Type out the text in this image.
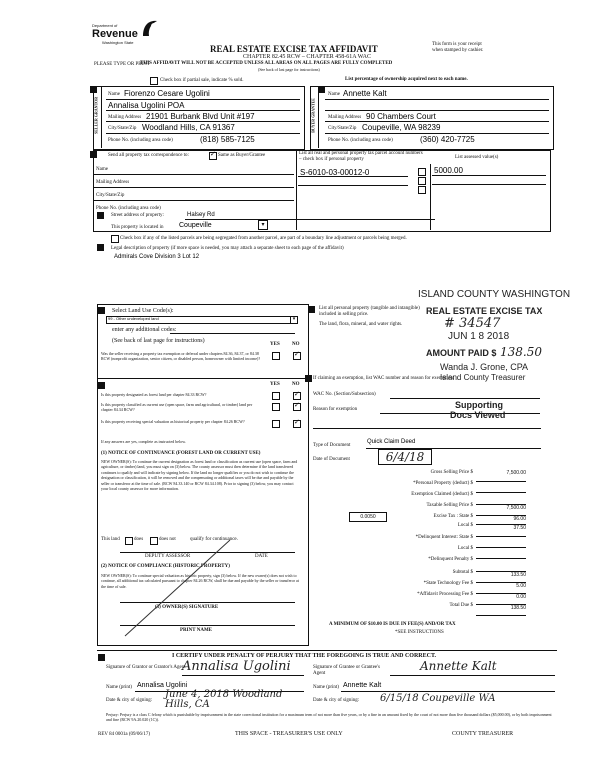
Department of
Revenue
Washington State
PLEASE TYPE OR PRINT
REAL ESTATE EXCISE TAX AFFIDAVIT
CHAPTER 82.45 RCW – CHAPTER 458-61A WAC
THIS AFFIDAVIT WILL NOT BE ACCEPTED UNLESS ALL AREAS ON ALL PAGES ARE FULLY COMPLETED
(See back of last page for instructions)
This form is your receipt
when stamped by cashier.
Check box if partial sale, indicate % sold.	List percentage of ownership acquired next to each name.
SELLER GRANTOR
Name Fiorenzo Cesare Ugolini
Annalisa Ugolini POA
Mailing Address 21901 Burbank Blvd Unit #197
City/State/Zip Woodland Hills, CA 91367
Phone No. (including area code)	(818) 585-7125
BUYER GRANTEE
Name Annette Kalt
Mailing Address 90 Chambers Court
City/State/Zip Coupeville, WA 98239
Phone No. (including area code)	(360) 420-7725
Send all property tax correspondence to:
✓	Same as Buyer/Grantee
Name
Mailing Address
City/State/Zip
Phone No. (including area code)
List all real and personal property tax parcel account numbers – check box if personal property	List assessed value(s)
S-6010-03-00012-0	5000.00
Street address of property:	Halsey Rd
This property is located in Coupeville	▾
Check box if any of the listed parcels are being segregated from another parcel, are part of a boundary line adjustment or parcels being merged.
Legal description of property (if more space is needed, you may attach a separate sheet to each page of the affidavit)
Admirals Cove Division 3 Lot 12
ISLAND COUNTY WASHINGTON
Select Land Use Code(s):
99 - Other undeveloped land	▾
enter any additional codes:
(See back of last page for instructions)
YES NO
Was the seller receiving a property tax exemption or deferral under chapters 84.36, 84.37, or 84.38 RCW (nonprofit organization, senior citizen, or disabled person, homeowner with limited income)?
✓
YES NO
Is this property designated as forest land per chapter 84.33 RCW?
✓
Is this property classified as current use (open space, farm and agricultural, or timber) land per chapter 84.34 RCW?
✓
Is this property receiving special valuation as historical property per chapter 84.26 RCW?
✓
If any answers are yes, complete as instructed below.
(1) NOTICE OF CONTINUANCE (FOREST LAND OR CURRENT USE)
NEW OWNER(S): To continue the current designation as forest land or classification as current use (open space, farm and agriculture, or timber) land, you must sign on (3) below. The county assessor must then determine if the land transferred continues to qualify and will indicate by signing below. If the land no longer qualifies or you do not wish to continue the designation or classification, it will be removed and the compensating or additional taxes will be due and payable by the seller or transferor at the time of sale. (RCW 84.33.140 or RCW 84.34.108). Prior to signing (3) below, you may contact your local county assessor for more information.
This land	does	does not	qualify for continuance.
DEPUTY ASSESSOR	DATE
(2) NOTICE OF COMPLIANCE (HISTORIC PROPERTY)
NEW OWNER(S): To continue special valuation as historic property, sign (3) below. If the new owner(s) does not wish to continue, all additional tax calculated pursuant to chapter 84.26 RCW, shall be due and payable by the seller or transferor at the time of sale.
(3) OWNER(S) SIGNATURE
PRINT NAME
List all personal property (tangible and intangible) included in selling price.
The land, flora, mineral, and water rights.
REAL ESTATE EXCISE TAX
# 34547
JUN 1 8 2018
AMOUNT PAID $ 138.50
Wanda J. Grone, CPA
If claiming an exemption, list WAC number and reason for exemption:
Island County Treasurer
WAC No. (Section/Subsection)
Reason for exemption	Supporting
Docs Viewed
Type of Document
Quick Claim Deed
Date of Document	6/4/18
Gross Selling Price $
*Personal Property (deduct) $
Exemption Claimed (deduct) $
Taxable Selling Price $
Excise Tax : State $
Local $
*Delinquent Interest: State $
Local $
*Delinquent Penalty $
Subtotal $
*State Technology Fee $
*Affidavit Processing Fee $
Total Due $
7,500.00
7,500.00
96.00
37.50
133.50
5.00
0.00
138.50
0.0050
A MINIMUM OF $10.00 IS DUE IN FEE(S) AND/OR TAX
*SEE INSTRUCTIONS
I CERTIFY UNDER PENALTY OF PERJURY THAT THE FOREGOING IS TRUE AND CORRECT.
Signature of Grantor or Grantor's Agent
Annalisa Ugolini
Name (print) Annalisa Ugolini
Date & city of signing:
June 4, 2018 Woodland Hills, CA
Signature of Grantee or Grantee's Agent
Annette Kalt
Name (print) Annette Kalt
Date & city of signing: 6/15/18 Coupeville WA
Perjury: Perjury is a class C felony which is punishable by imprisonment in the state correctional institution for a maximum term of not more than five years, or by a fine in an amount fixed by the court of not more than five thousand dollars ($5,000.00), or by both imprisonment and fine (RCW 9A.20.020 (1C)).
REV 84 0001a (09/06/17)	THIS SPACE - TREASURER'S USE ONLY	COUNTY TREASURER
